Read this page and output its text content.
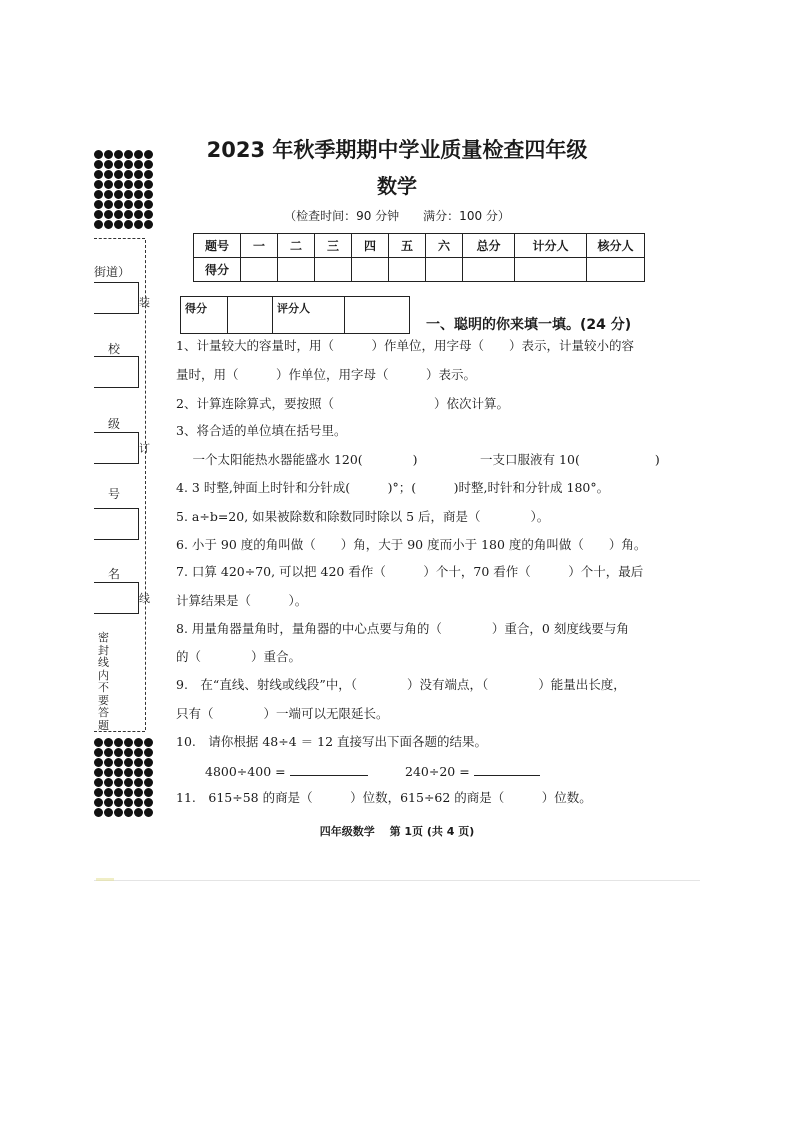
街道）
校
级
号
名
装
订
线
密封线内不要答题
2023 年秋季期期中学业质量检查四年级
数学
（检查时间：90 分钟　　满分：100 分）
题号	一	二	三	四	五	六	总分	计分人	核分人
得分									
得分		评分人	
一、聪明的你来填一填。(24 分)
1、计量较大的容量时，用（　　　）作单位，用字母（　　）表示，计量较小的容
量时，用（　　　）作单位，用字母（　　　）表示。
2、计算连除算式，要按照（　　　　　　　　）依次计算。
3、将合适的单位填在括号里。
　 一个太阳能热水器能盛水 120(　　　　)　　　　　一支口服液有 10(　　　　　　)
4. 3 时整,钟面上时针和分针成(　　　)°；(　　　)时整,时针和分针成 180°。
5. a÷b=20, 如果被除数和除数同时除以 5 后，商是（　　　　）。
6. 小于 90 度的角叫做（　　）角，大于 90 度而小于 180 度的角叫做（　　）角。
7. 口算 420÷70, 可以把 420 看作（　　　）个十，70 看作（　　　）个十，最后
计算结果是（　　　）。
8. 用量角器量角时，量角器的中心点要与角的（　　　　）重合，0 刻度线要与角
的（　　　　）重合。
9.　在“直线、射线或线段”中，（　　　　）没有端点，（　　　　）能量出长度，
只有（　　　　）一端可以无限延长。
10.　请你根据 48÷4 ＝ 12 直接写出下面各题的结果。
4800÷400 =	240÷20 =
11.　615÷58 的商是（　　　）位数，615÷62 的商是（　　　）位数。
四年级数学　 第 1页 (共 4 页)
